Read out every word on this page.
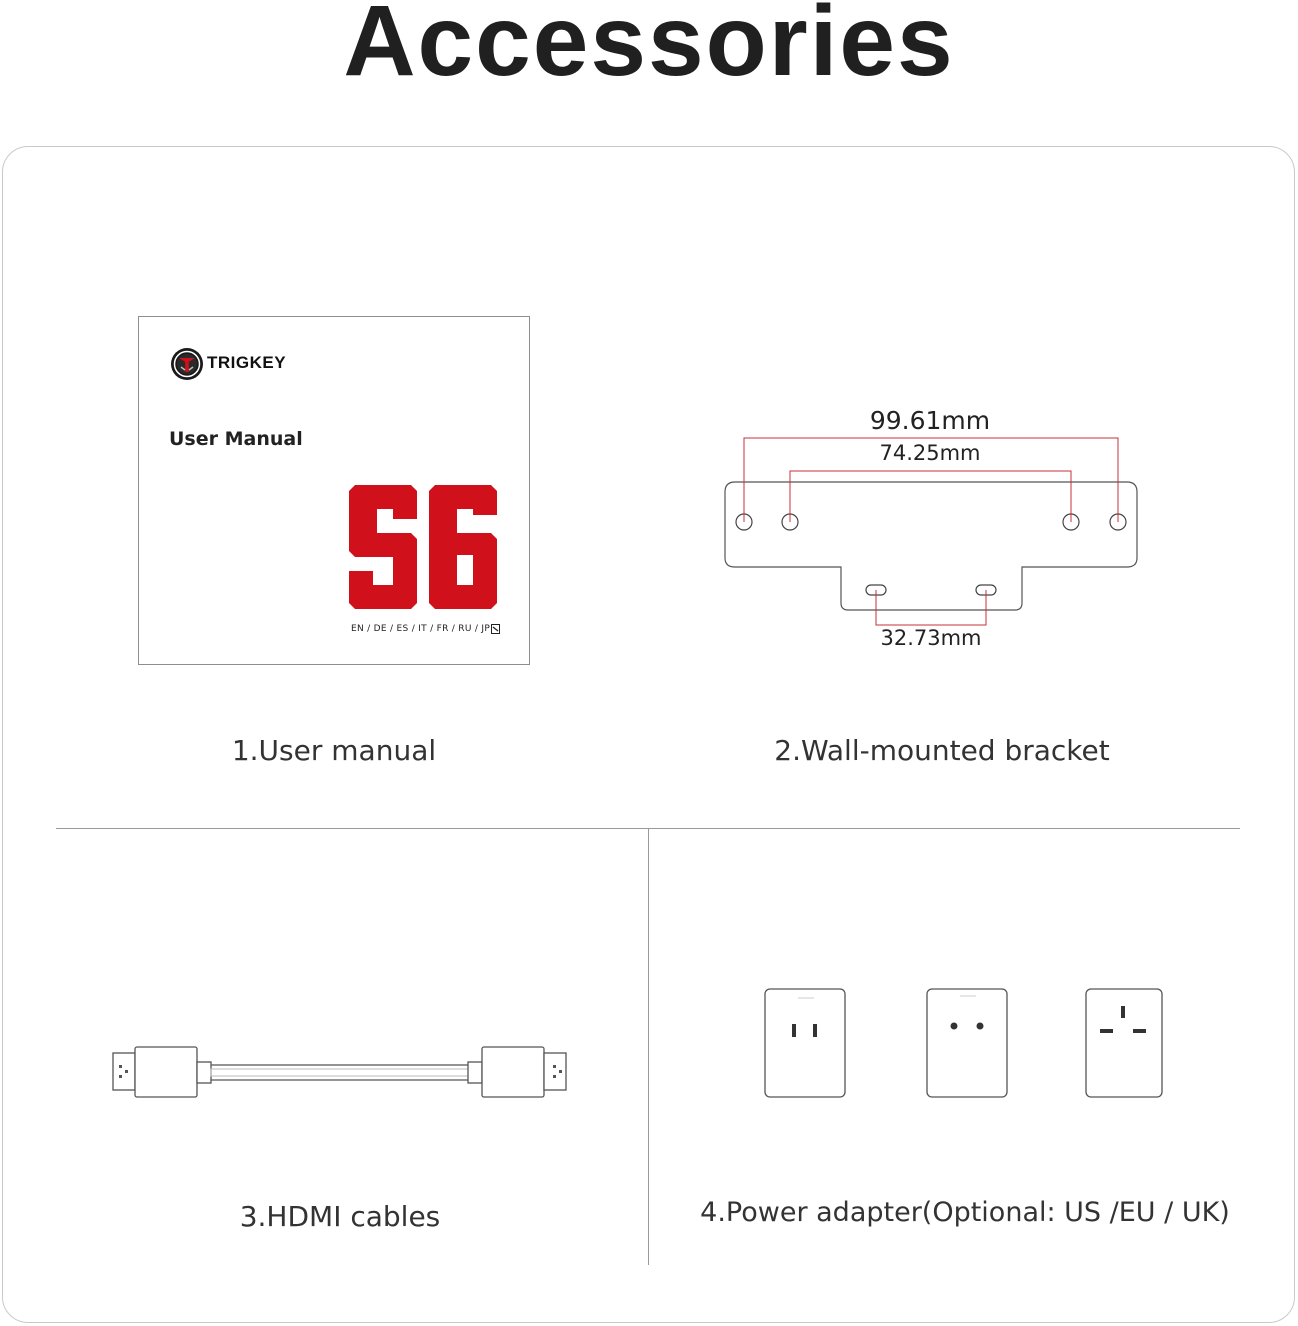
Accessories
TRIGKEY
User Manual
EN / DE / ES / IT / FR / RU / JP
1.User manual
99.61mm
74.25mm
32.73mm
2.Wall-mounted bracket
3.HDMI cables	4.Power adapter(Optional: US /EU / UK)
